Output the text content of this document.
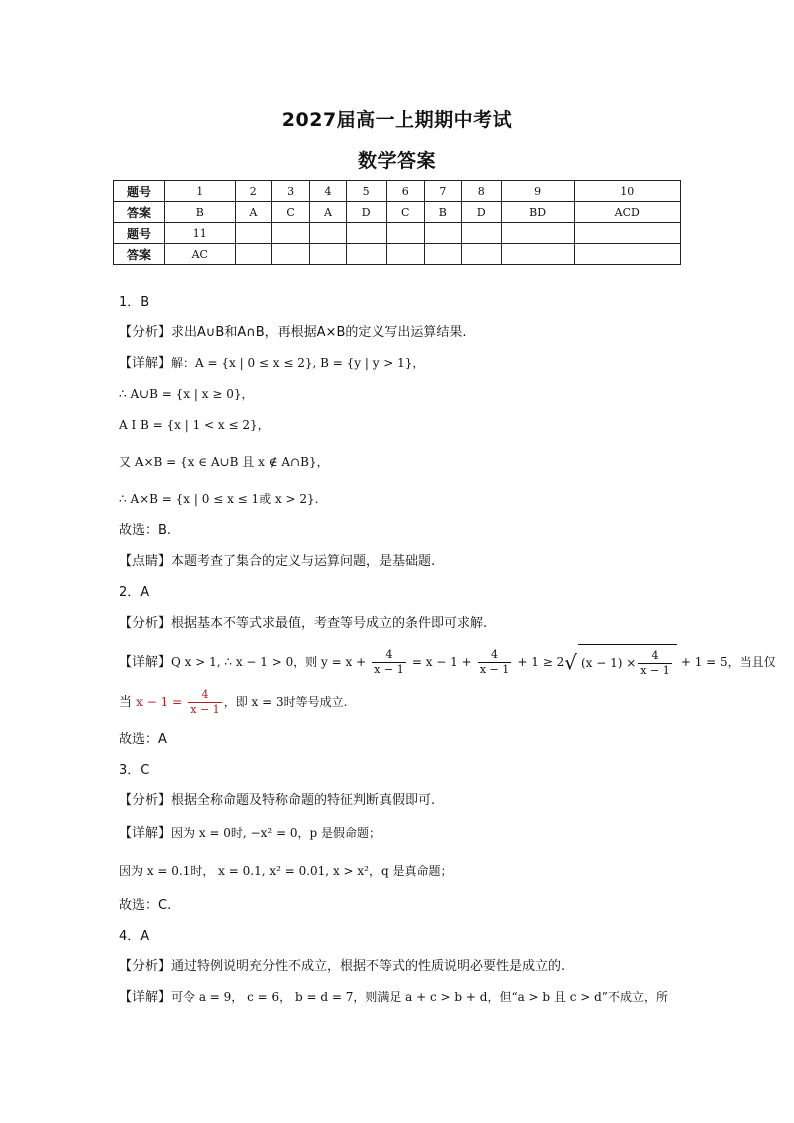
2027届高一上期期中考试
数学答案
题号	1	2	3	4	5	6	7	8	9	10
答案	B	A	C	A	D	C	B	D	BD	ACD
题号	11									
答案	AC									
1．B
【分析】求出A∪B和A∩B，再根据A×B的定义写出运算结果.
【详解】解：A = {x | 0 ≤ x ≤ 2}, B = {y | y > 1}，
∴ A∪B = {x | x ≥ 0}，
A I B = {x | 1 < x ≤ 2}，
又 A×B = {x ∈ A∪B 且 x ∉ A∩B}，
∴ A×B = {x | 0 ≤ x ≤ 1或 x > 2}.
故选：B.
【点睛】本题考查了集合的定义与运算问题，是基础题.
2．A
【分析】根据基本不等式求最值，考查等号成立的条件即可求解.
【详解】Q x > 1, ∴ x − 1 > 0，则 $y = x + \frac{4}{x - 1} = x - 1 + \frac{4}{x - 1} + 1 \ge 2√$ $(x - 1) \times \frac{4}{x - 1} + 1 = 5$，当且仅
当 $x - 1 = \frac{4}{x - 1}$ ，即 x = 3时等号成立.
故选：A
3．C
【分析】根据全称命题及特称命题的特征判断真假即可.
【详解】因为 x = 0时, −x² = 0，p 是假命题；
因为 x = 0.1时， x = 0.1, x² = 0.01, x > x²，q 是真命题；
故选：C.
4．A
【分析】通过特例说明充分性不成立，根据不等式的性质说明必要性是成立的.
【详解】可令 a = 9， c = 6， b = d = 7，则满足 a + c > b + d，但“a > b 且 c > d”不成立，所
